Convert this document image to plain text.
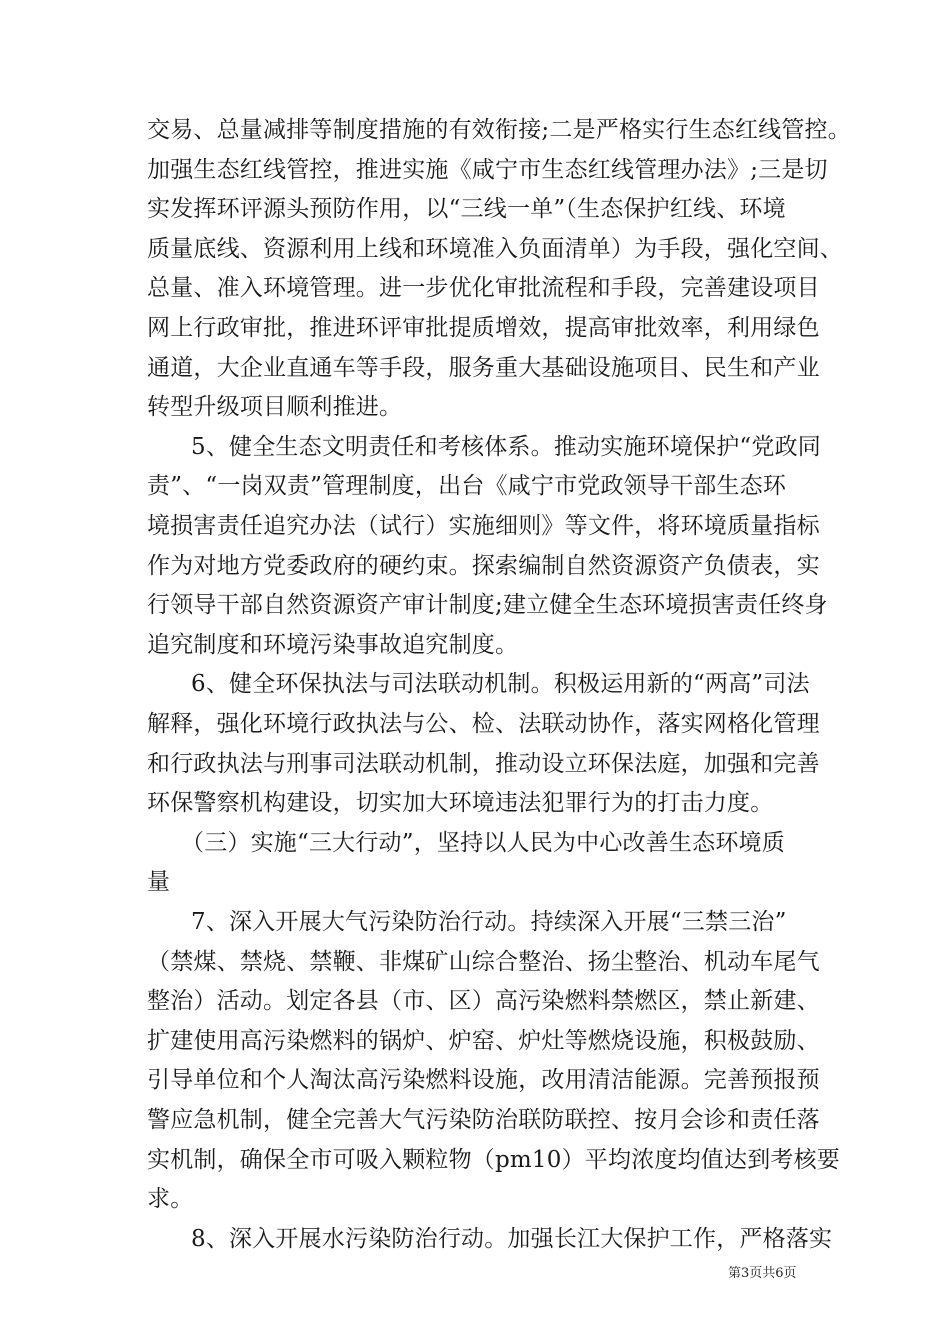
交易、总量减排等制度措施的有效衔接;二是严格实行生态红线管控。
加强生态红线管控，推进实施《咸宁市生态红线管理办法》;三是切
实发挥环评源头预防作用，以“三线一单”（生态保护红线、环境
质量底线、资源利用上线和环境准入负面清单）为手段，强化空间、
总量、准入环境管理。进一步优化审批流程和手段，完善建设项目
网上行政审批，推进环评审批提质增效，提高审批效率，利用绿色
通道，大企业直通车等手段，服务重大基础设施项目、民生和产业
转型升级项目顺利推进。
5、健全生态文明责任和考核体系。推动实施环境保护“党政同
责”、“一岗双责”管理制度，出台《咸宁市党政领导干部生态环
境损害责任追究办法（试行）实施细则》等文件，将环境质量指标
作为对地方党委政府的硬约束。探索编制自然资源资产负债表，实
行领导干部自然资源资产审计制度;建立健全生态环境损害责任终身
追究制度和环境污染事故追究制度。
6、健全环保执法与司法联动机制。积极运用新的“两高”司法
解释，强化环境行政执法与公、检、法联动协作，落实网格化管理
和行政执法与刑事司法联动机制，推动设立环保法庭，加强和完善
环保警察机构建设，切实加大环境违法犯罪行为的打击力度。
（三）实施“三大行动”，坚持以人民为中心改善生态环境质
量
7、深入开展大气污染防治行动。持续深入开展“三禁三治”
（禁煤、禁烧、禁鞭、非煤矿山综合整治、扬尘整治、机动车尾气
整治）活动。划定各县（市、区）高污染燃料禁燃区，禁止新建、
扩建使用高污染燃料的锅炉、炉窑、炉灶等燃烧设施，积极鼓励、
引导单位和个人淘汰高污染燃料设施，改用清洁能源。完善预报预
警应急机制，健全完善大气污染防治联防联控、按月会诊和责任落
实机制，确保全市可吸入颗粒物（pm10）平均浓度均值达到考核要
求。
8、深入开展水污染防治行动。加强长江大保护工作，严格落实
第3页共6页
